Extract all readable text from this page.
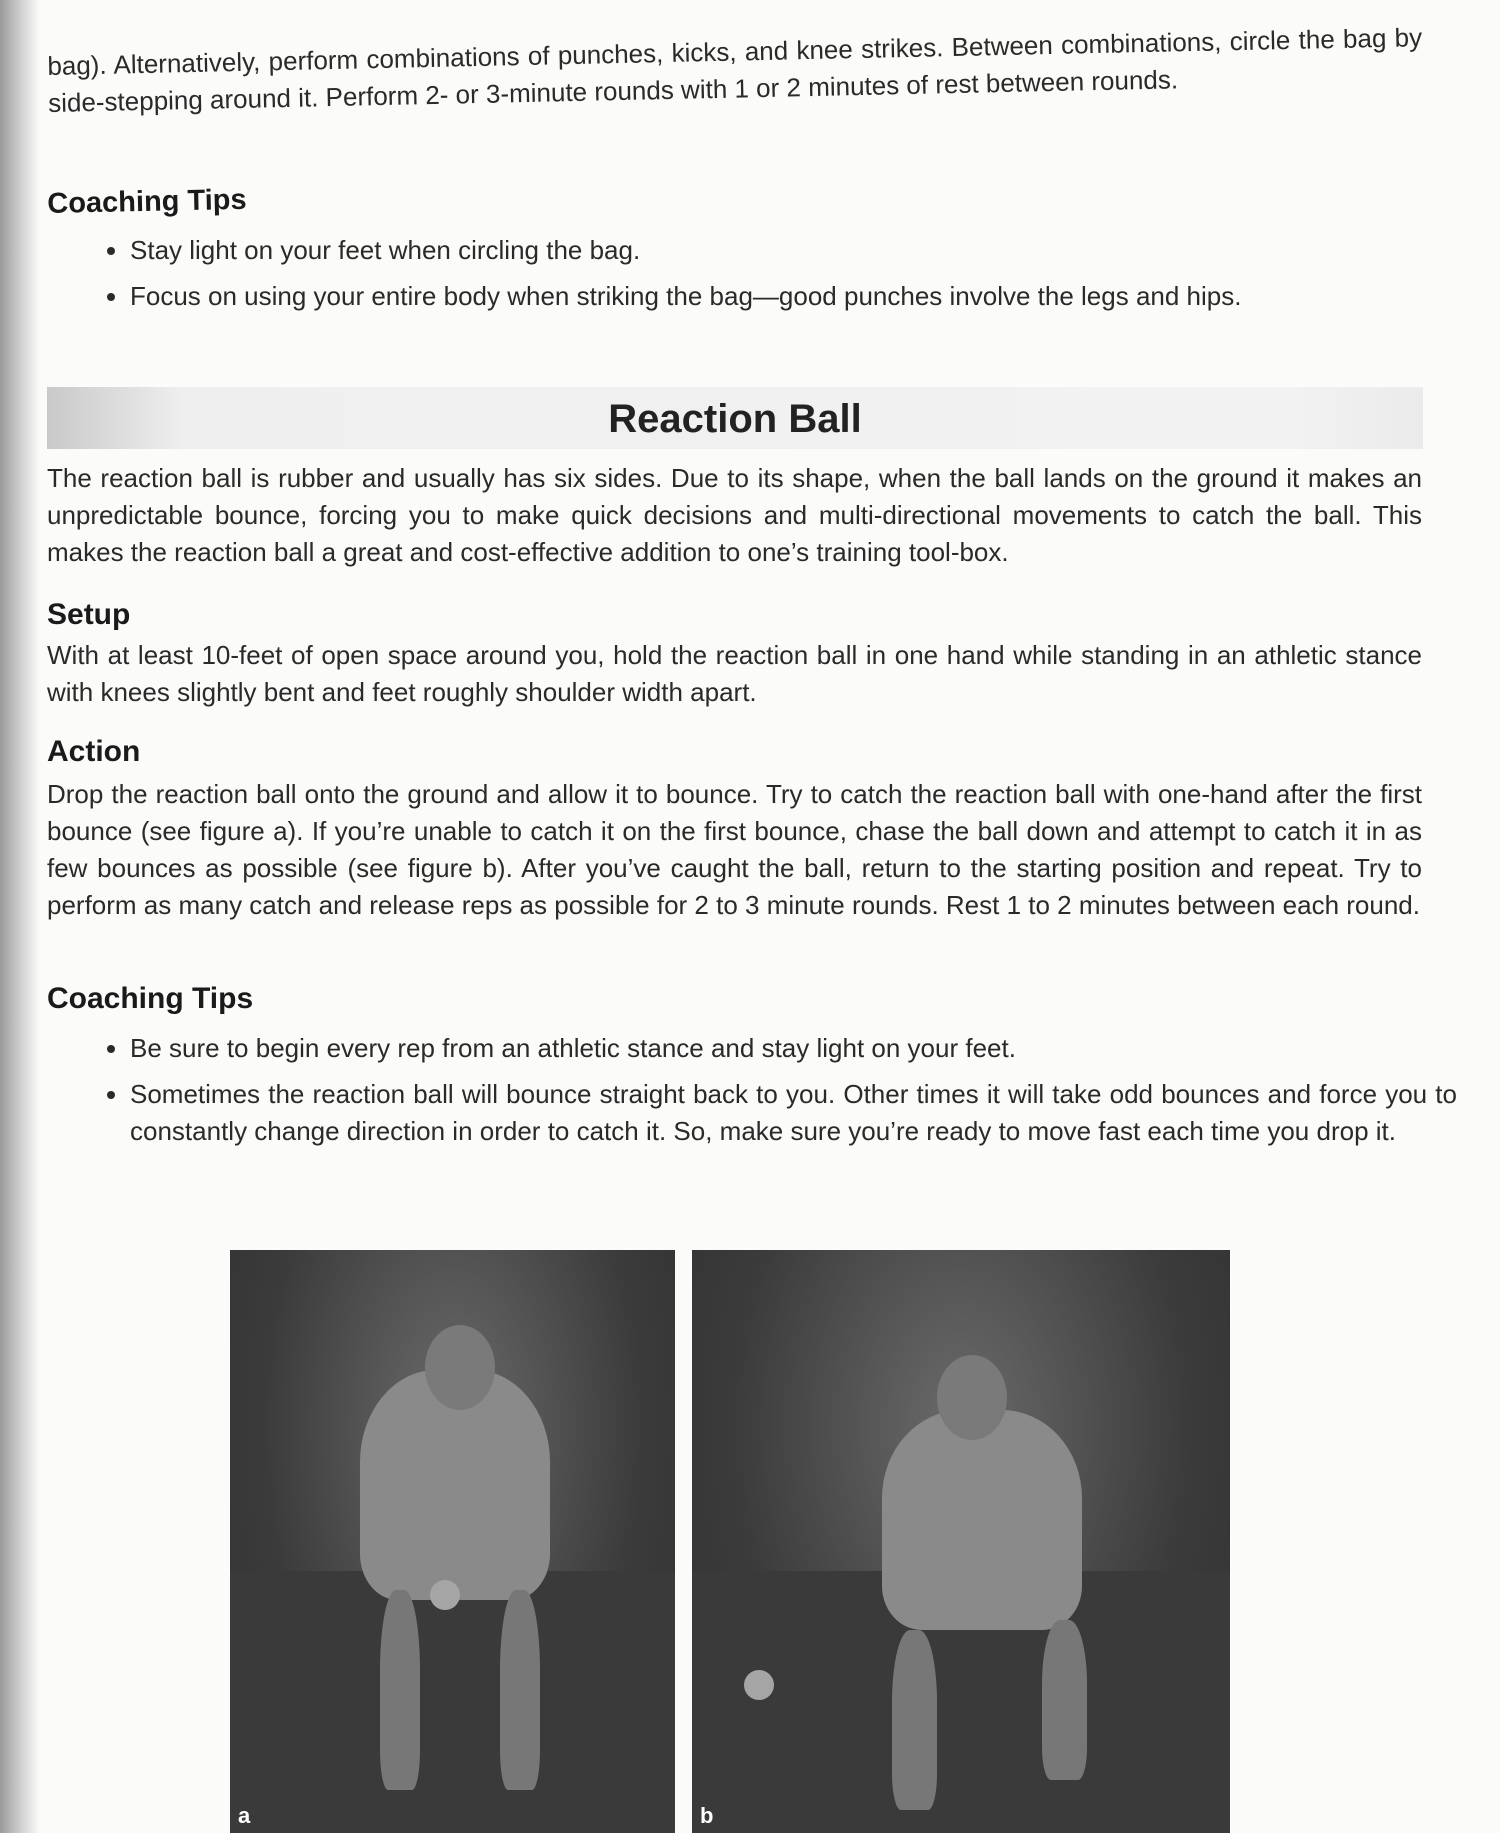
bag). Alternatively, perform combinations of punches, kicks, and knee strikes. Between combinations, circle the bag by side-stepping around it. Perform 2- or 3-minute rounds with 1 or 2 minutes of rest between rounds.
Coaching Tips
• Stay light on your feet when circling the bag.
• Focus on using your entire body when striking the bag—good punches involve the legs and hips.
Reaction Ball
The reaction ball is rubber and usually has six sides. Due to its shape, when the ball lands on the ground it makes an unpredictable bounce, forcing you to make quick decisions and multi-directional movements to catch the ball. This makes the reaction ball a great and cost-effective addition to one’s training tool-box.
Setup
With at least 10-feet of open space around you, hold the reaction ball in one hand while standing in an athletic stance with knees slightly bent and feet roughly shoulder width apart.
Action
Drop the reaction ball onto the ground and allow it to bounce. Try to catch the reaction ball with one-hand after the first bounce (see figure a). If you’re unable to catch it on the first bounce, chase the ball down and attempt to catch it in as few bounces as possible (see figure b). After you’ve caught the ball, return to the starting position and repeat. Try to perform as many catch and release reps as possible for 2 to 3 minute rounds. Rest 1 to 2 minutes between each round.
Coaching Tips
• Be sure to begin every rep from an athletic stance and stay light on your feet.
• Sometimes the reaction ball will bounce straight back to you. Other times it will take odd bounces and force you to constantly change direction in order to catch it. So, make sure you’re ready to move fast each time you drop it.
a	b
